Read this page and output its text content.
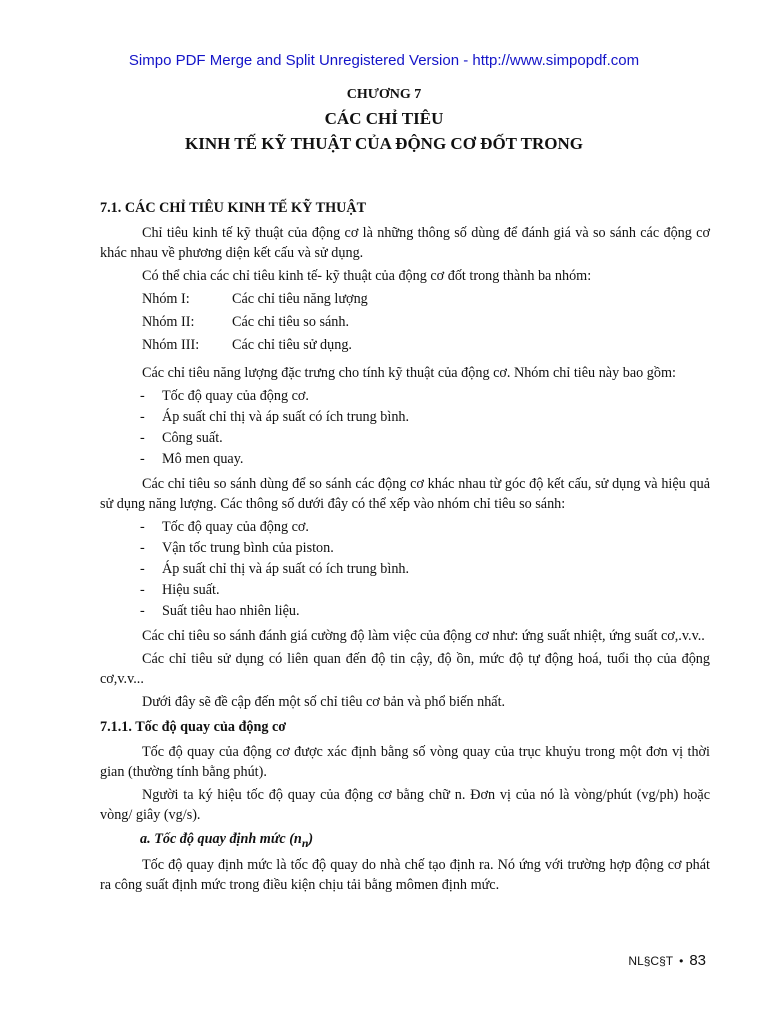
Simpo PDF Merge and Split Unregistered Version - http://www.simpopdf.com
CHƯƠNG 7
CÁC CHỈ TIÊU
KINH TẾ KỸ THUẬT CỦA ĐỘNG CƠ ĐỐT TRONG
7.1. CÁC CHỈ TIÊU KINH TẾ KỸ THUẬT

Chỉ tiêu kinh tế kỹ thuật của động cơ là những thông số dùng để đánh giá và so sánh các động cơ khác nhau về phương diện kết cấu và sử dụng.

Có thể chia các chỉ tiêu kinh tế- kỹ thuật của động cơ đốt trong thành ba nhóm:

Nhóm I:	Các chỉ tiêu năng lượng
Nhóm II:	Các chỉ tiêu so sánh.
Nhóm III:	Các chỉ tiêu sử dụng.

Các chỉ tiêu năng lượng đặc trưng cho tính kỹ thuật của động cơ. Nhóm chỉ tiêu này bao gồm:

-	Tốc độ quay của động cơ.
-	Áp suất chỉ thị và áp suất có ích trung bình.
-	Công suất.
-	Mô men quay.

Các chỉ tiêu so sánh dùng để so sánh các động cơ khác nhau từ góc độ kết cấu, sử dụng và hiệu quả sử dụng năng lượng. Các thông số dưới đây có thể xếp vào nhóm chỉ tiêu so sánh:

-	Tốc độ quay của động cơ.
-	Vận tốc trung bình của piston.
-	Áp suất chỉ thị và áp suất có ích trung bình.
-	Hiệu suất.
-	Suất tiêu hao nhiên liệu.

Các chỉ tiêu so sánh đánh giá cường độ làm việc của động cơ như: ứng suất nhiệt, ứng suất cơ,.v.v..

Các chỉ tiêu sử dụng có liên quan đến độ tin cậy, độ ồn, mức độ tự động hoá, tuổi thọ của động cơ,v.v...

Dưới đây sẽ đề cập đến một số chỉ tiêu cơ bản và phổ biến nhất.

7.1.1. Tốc độ quay của động cơ

Tốc độ quay của động cơ được xác định bằng số vòng quay của trục khuỷu trong một đơn vị thời gian (thường tính bằng phút).

Người ta ký hiệu tốc độ quay của động cơ bằng chữ n. Đơn vị của nó là vòng/phút (vg/ph) hoặc vòng/ giây (vg/s).

a. Tốc độ quay định mức $(n_n)$

Tốc độ quay định mức là tốc độ quay do nhà chế tạo định ra. Nó ứng với trường hợp động cơ phát ra công suất định mức trong điều kiện chịu tải bằng mômen định mức.

NL§C§T • 83
